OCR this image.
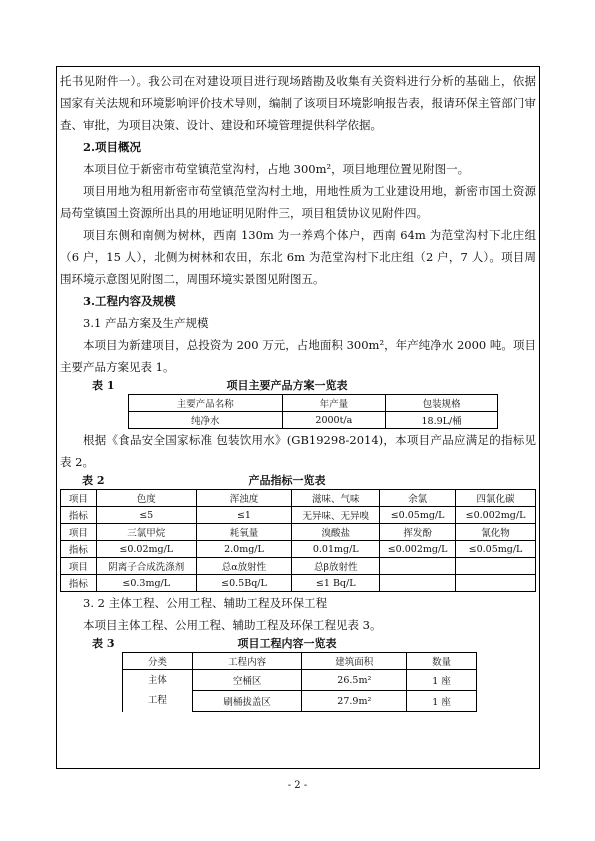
托书见附件一）。我公司在对建设项目进行现场踏勘及收集有关资料进行分析的基础上，依据国家有关法规和环境影响评价技术导则，编制了该项目环境影响报告表，报请环保主管部门审查、审批，为项目决策、设计、建设和环境管理提供科学依据。

2.项目概况

本项目位于新密市苟堂镇范堂沟村，占地 300m²，项目地理位置见附图一。

项目用地为租用新密市苟堂镇范堂沟村土地，用地性质为工业建设用地，新密市国土资源局苟堂镇国土资源所出具的用地证明见附件三，项目租赁协议见附件四。

项目东侧和南侧为树林，西南 130m 为一养鸡个体户，西南 64m 为范堂沟村下北庄组（6 户，15 人），北侧为树林和农田，东北 6m 为范堂沟村下北庄组（2 户，7 人）。项目周围环境示意图见附图二，周围环境实景图见附图五。

3.工程内容及规模

3.1 产品方案及生产规模

本项目为新建项目，总投资为 200 万元，占地面积 300m²，年产纯净水 2000 吨。项目主要产品方案见表 1。

表 1	项目主要产品方案一览表
主要产品名称	年产量	包装规格
纯净水	2000t/a	18.9L/桶

根据《食品安全国家标准 包装饮用水》(GB19298-2014)，本项目产品应满足的指标见表 2。

表 2	产品指标一览表
项目	色度	浑浊度	滋味、气味	余氯	四氯化碳
指标	≤5	≤1	无异味、无异嗅	≤0.05mg/L	≤0.002mg/L
项目	三氯甲烷	耗氧量	溴酸盐	挥发酚	氰化物
指标	≤0.02mg/L	2.0mg/L	0.01mg/L	≤0.002mg/L	≤0.05mg/L
项目	阴离子合成洗涤剂	总α放射性	总β放射性		
指标	≤0.3mg/L	≤0.5Bq/L	≤1 Bq/L		

3. 2 主体工程、公用工程、辅助工程及环保工程

本项目主体工程、公用工程、辅助工程及环保工程见表 3。

表 3	项目工程内容一览表
分类	工程内容	建筑面积	数量

主体
工程	空桶区	26.5m²	1 座
	刷桶拔盖区	27.9m²	1 座
- 2 -
